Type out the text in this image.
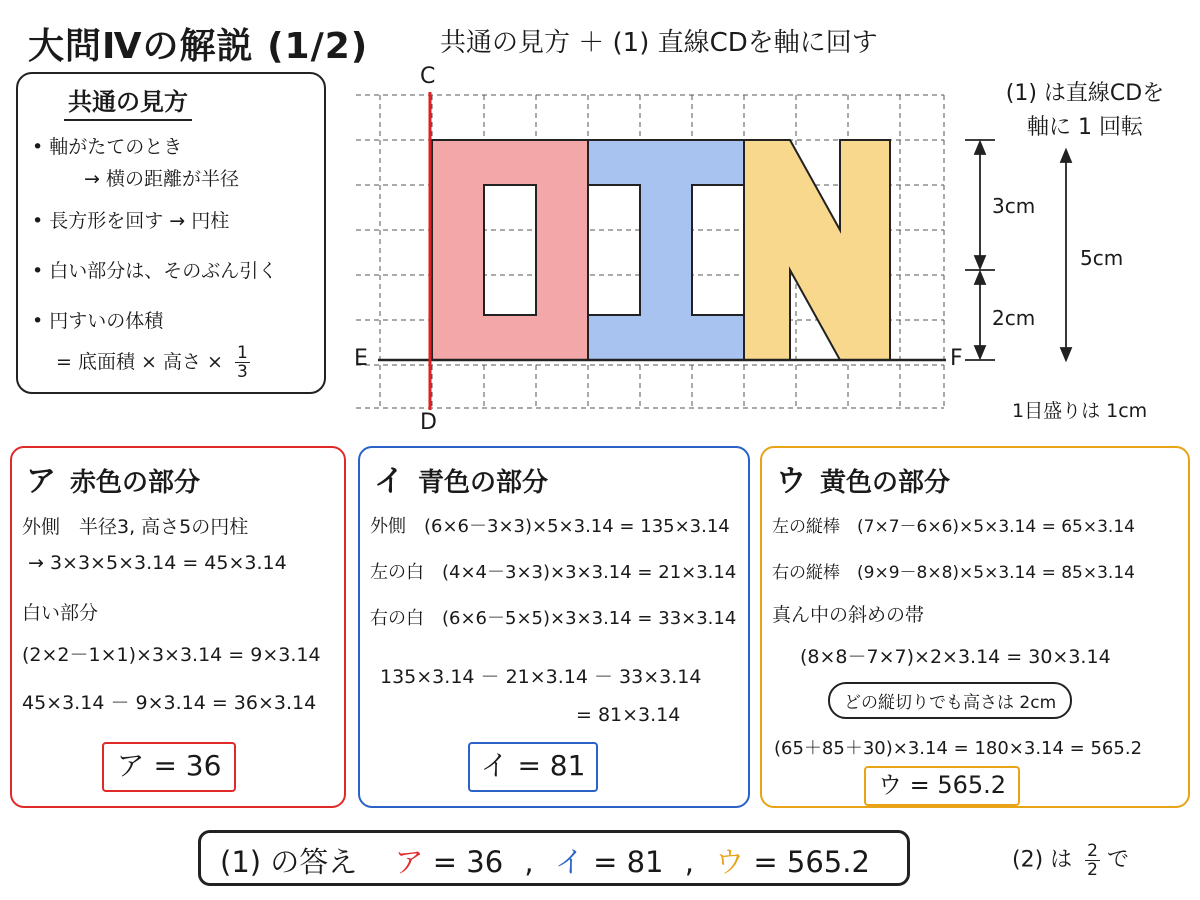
大問Ⅳの解説 (1/2)	共通の見方 ＋ (1) 直線CDを軸に回す
共通の見方
• 軸がたてのとき
→ 横の距離が半径
• 長方形を回す → 円柱
• 白い部分は、そのぶん引く
• 円すいの体積
= 底面積 × 高さ × $\frac{1}{3}$
C
D
E	F
3cm
2cm
5cm
(1) は直線CDを
軸に 1 回転
1目盛りは 1cm
ア 赤色の部分
外側　半径3, 高さ5の円柱
→ 3×3×5×3.14 = 45×3.14
白い部分
(2×2－1×1)×3×3.14 = 9×3.14
45×3.14 － 9×3.14 = 36×3.14
ア = 36
イ 青色の部分
外側　(6×6－3×3)×5×3.14 = 135×3.14
左の白　(4×4－3×3)×3×3.14 = 21×3.14
右の白　(6×6－5×5)×3×3.14 = 33×3.14
135×3.14 － 21×3.14 － 33×3.14
= 81×3.14
イ = 81
ウ 黄色の部分
左の縦棒　(7×7－6×6)×5×3.14 = 65×3.14
右の縦棒　(9×9－8×8)×5×3.14 = 85×3.14
真ん中の斜めの帯
(8×8－7×7)×2×3.14 = 30×3.14
どの縦切りでも高さは 2cm
(65＋85＋30)×3.14 = 180×3.14 = 565.2
ウ = 565.2
(1) の答え ア = 36 , イ = 81 , ウ = 565.2	(2) は $\frac{2}{2}$ で
